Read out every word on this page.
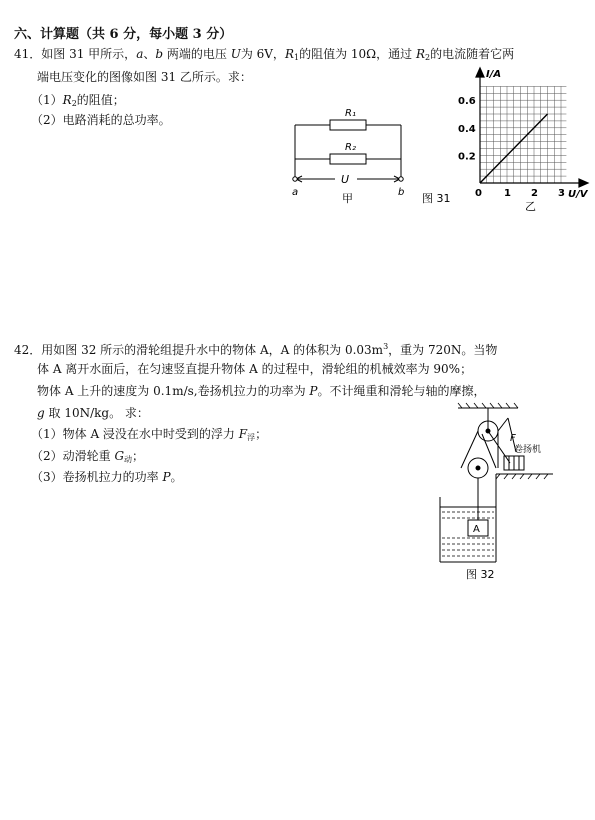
六、计算题（共 6 分，每小题 3 分）
41．如图 31 甲所示，a、b 两端的电压 U为 6V，$R_1$的阻值为 10Ω，通过 $R_2$的电流随着它两
端电压变化的图像如图 31 乙所示。求：
$(1)R_2$的阻值；
（2）电路消耗的总功率。	R₁
R₂
U
a	b
甲	图 31
0.2
0.4
0.6
1 2 3
I/A
U/V
0
乙
42．用如图 32 所示的滑轮组提升水中的物体 A，A 的体积为 $0.03m^3$，重为 720N。当物
体 A 离开水面后，在匀速竖直提升物体 A 的过程中，滑轮组的机械效率为 90%；
物体 A 上升的速度为 0.1m/s,卷扬机拉力的功率为 P。不计绳重和滑轮与轴的摩擦，
g 取 10N/kg。 求：
（1）物体 A 浸没在水中时受到的浮力 $F_浮$；
（2）动滑轮重 $G_动$；
（3）卷扬机拉力的功率 P。
F
卷扬机
A
图 32
